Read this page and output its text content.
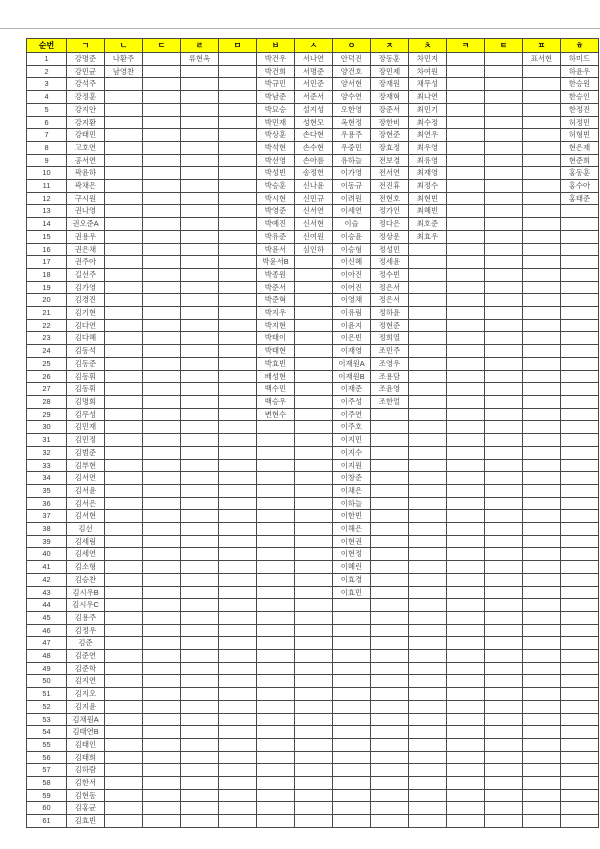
순번	ㄱ	ㄴ	ㄷ	ㄹ	ㅁ	ㅂ	ㅅ	ㅇ	ㅈ	ㅊ	ㅋ	ㅌ	ㅍ	ㅎ
1	강명준	나환주		류현옥		박건우	서나연	안덕진	장동훈	차민지			표서현	하미드
2	강민균	남영찬				박건희	서명준	양건호	장민제	차여원				하윤우
3	강석주					박규민	서민준	양서현	장재원	채무성				한승원
4	강정훈					박남준	서준서	양수연	장재혁	최나연				한승인
5	강지안					박묘승	설지성	오한영	장준서	최민기				한정진
6	강지환					박민재	성현모	옥현정	장한비	최수정				허정민
7	강태민					박상훈	손다현	우용주	장현준	최연우				허형빈
8	고호연					박석현	손수현	우중민	장효정	최우영				현은재
9	공서연					박선영	손아름	유하늘	전보경	최유영				현준희
10	곽윤하					박성빈	송정헌	이가영	전서연	최재영				홍동훈
11	곽채은					박승훈	신나윤	이동규	전진휴	최정수				홍수아
12	구시원					박시현	신민규	이려원	전현호	최현빈				홍태준
13	권나영					박영준	신서연	이세연	정가인	최혜빈				
14	권오준A					박예진	신서현	이슬	정다은	최호준				
15	권용우					박유준	신여원	이승윤	정상운	최효우				
16	권은채					박윤서	심인하	이승형	정성민					
17	권주아					박윤서B		이신혜	정세윤					
18	길선주					박종원		이아진	정수빈					
19	김가영					박준서		이어진	정은서					
20	김경진					박준혁		이영채	정은서					
21	김기현					박지우		이유림	정하윤					
22	김다연					박지현		이윤지	정현준					
23	김다혜					박태이		이은빈	정희열					
24	김동석					박태현		이재영	조민주					
25	김동준					박효빈		이재원A	조영우					
26	김동휘					배성현		이재원B	조용담					
27	김동휘					백수민		이재준	조윤영					
28	김명회					백승우		이주성	조한얼					
29	김무성					변현수		이주연						
30	김민재							이주호						
31	김민정							이지민						
32	김범준							이지수						
33	김부현							이지원						
34	김서연							이창준						
35	김서윤							이채은						
36	김서은							이하늘						
37	김서현							이한빈						
38	김선							이해은						
39	김세림							이현권						
40	김세연							이현정						
41	김소형							이혜린						
42	김승찬							이효경						
43	김시우B							이효민						
44	김시우C													
45	김용주													
46	김정우													
47	김준													
48	김준연													
49	김준학													
50	김지연													
51	김지오													
52	김지윤													
53	김채원A													
54	김태연B													
55	김태인													
56	김태희													
57	김하람													
58	김한서													
59	김현동													
60	김홍균													
61	김효빈													
